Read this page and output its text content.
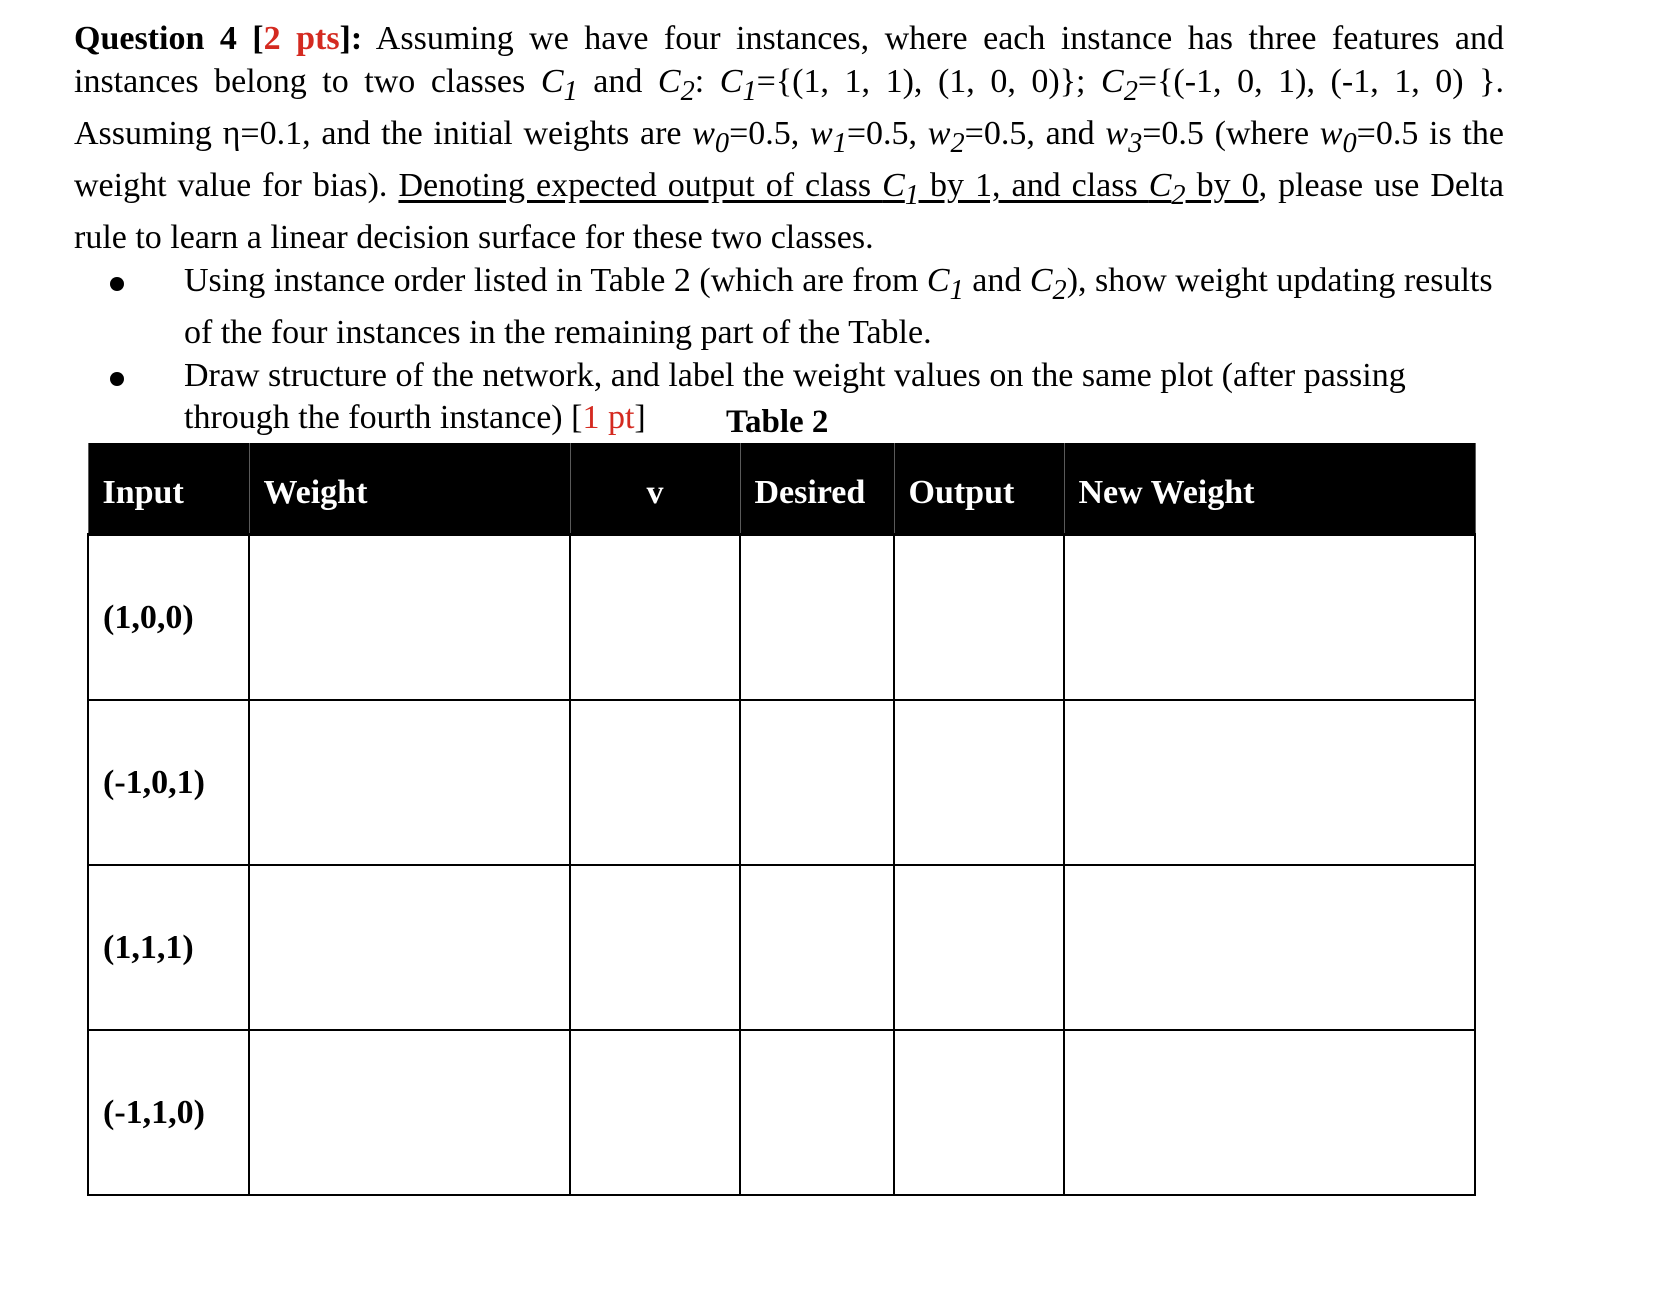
Question 4 [2 pts]: Assuming we have four instances, where each instance has three features and instances belong to two classes $C_1$ and $C_2$: $C_1=\{(1$, 1, 1), (1, 0, 0)}; $C_2=\{(-1$, 0, 1), (-1, 1, 0) }. Assuming η=0.1, and the initial weights are $w_0=0.5$, $w_1=0.5$, $w_2=0.5$, and $w_3=0.5$ (where $w_0=0.5$ is the weight value for bias). Denoting expected output of class $C_1$ by 1, and class $C_2$ by 0, please use Delta rule to learn a linear decision surface for these two classes.

Using instance order listed in Table 2 (which are from $C_1$ and $C_2$), show weight updating results of the four instances in the remaining part of the Table.
Draw structure of the network, and label the weight values on the same plot (after passing through the fourth instance) [1 pt]	Table 2
Input	Weight	v	Desired	Output	New Weight
(1,0,0)					
(-1,0,1)					
(1,1,1)					
(-1,1,0)					
